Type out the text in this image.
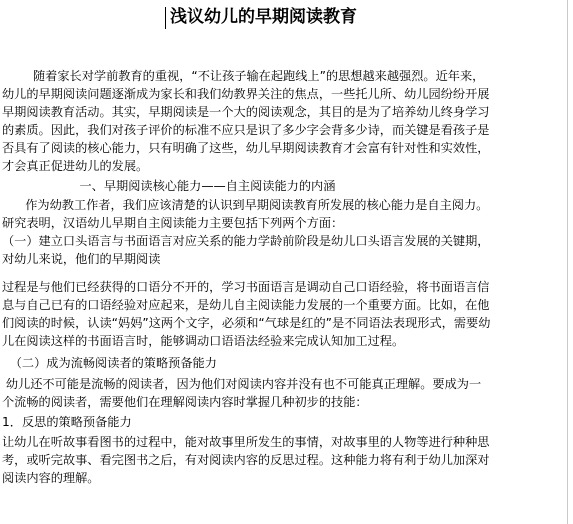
浅议幼儿的早期阅读教育
随着家长对学前教育的重视，“不让孩子输在起跑线上”的思想越来越强烈。近年来，
幼儿的早期阅读问题逐渐成为家长和我们幼教界关注的焦点，一些托儿所、幼儿园纷纷开展
早期阅读教育活动。其实，早期阅读是一个大的阅读观念，其目的是为了培养幼儿终身学习
的素质。因此，我们对孩子评价的标准不应只是识了多少字会背多少诗，而关键是看孩子是
否具有了阅读的核心能力，只有明确了这些，幼儿早期阅读教育才会富有针对性和实效性，
才会真正促进幼儿的发展。
一、早期阅读核心能力——自主阅读能力的内涵
作为幼教工作者，我们应该清楚的认识到早期阅读教育所发展的核心能力是自主阅力。
研究表明，汉语幼儿早期自主阅读能力主要包括下列两个方面：
（一）建立口头语言与书面语言对应关系的能力学龄前阶段是幼儿口头语言发展的关键期，
对幼儿来说，他们的早期阅读
过程是与他们已经获得的口语分不开的，学习书面语言是调动自己口语经验，将书面语言信
息与自己已有的口语经验对应起来，是幼儿自主阅读能力发展的一个重要方面。比如，在他
们阅读的时候，认读“妈妈”这两个文字，必须和“气球是红的”是不同语法表现形式，需要幼
儿在阅读这样的书面语言时，能够调动口语语法经验来完成认知加工过程。
（二）成为流畅阅读者的策略预备能力
幼儿还不可能是流畅的阅读者，因为他们对阅读内容并没有也不可能真正理解。要成为一
个流畅的阅读者，需要他们在理解阅读内容时掌握几种初步的技能：
1．反思的策略预备能力
让幼儿在听故事看图书的过程中，能对故事里所发生的事情，对故事里的人物等进行种种思
考，或听完故事、看完图书之后，有对阅读内容的反思过程。这种能力将有利于幼儿加深对
阅读内容的理解。
